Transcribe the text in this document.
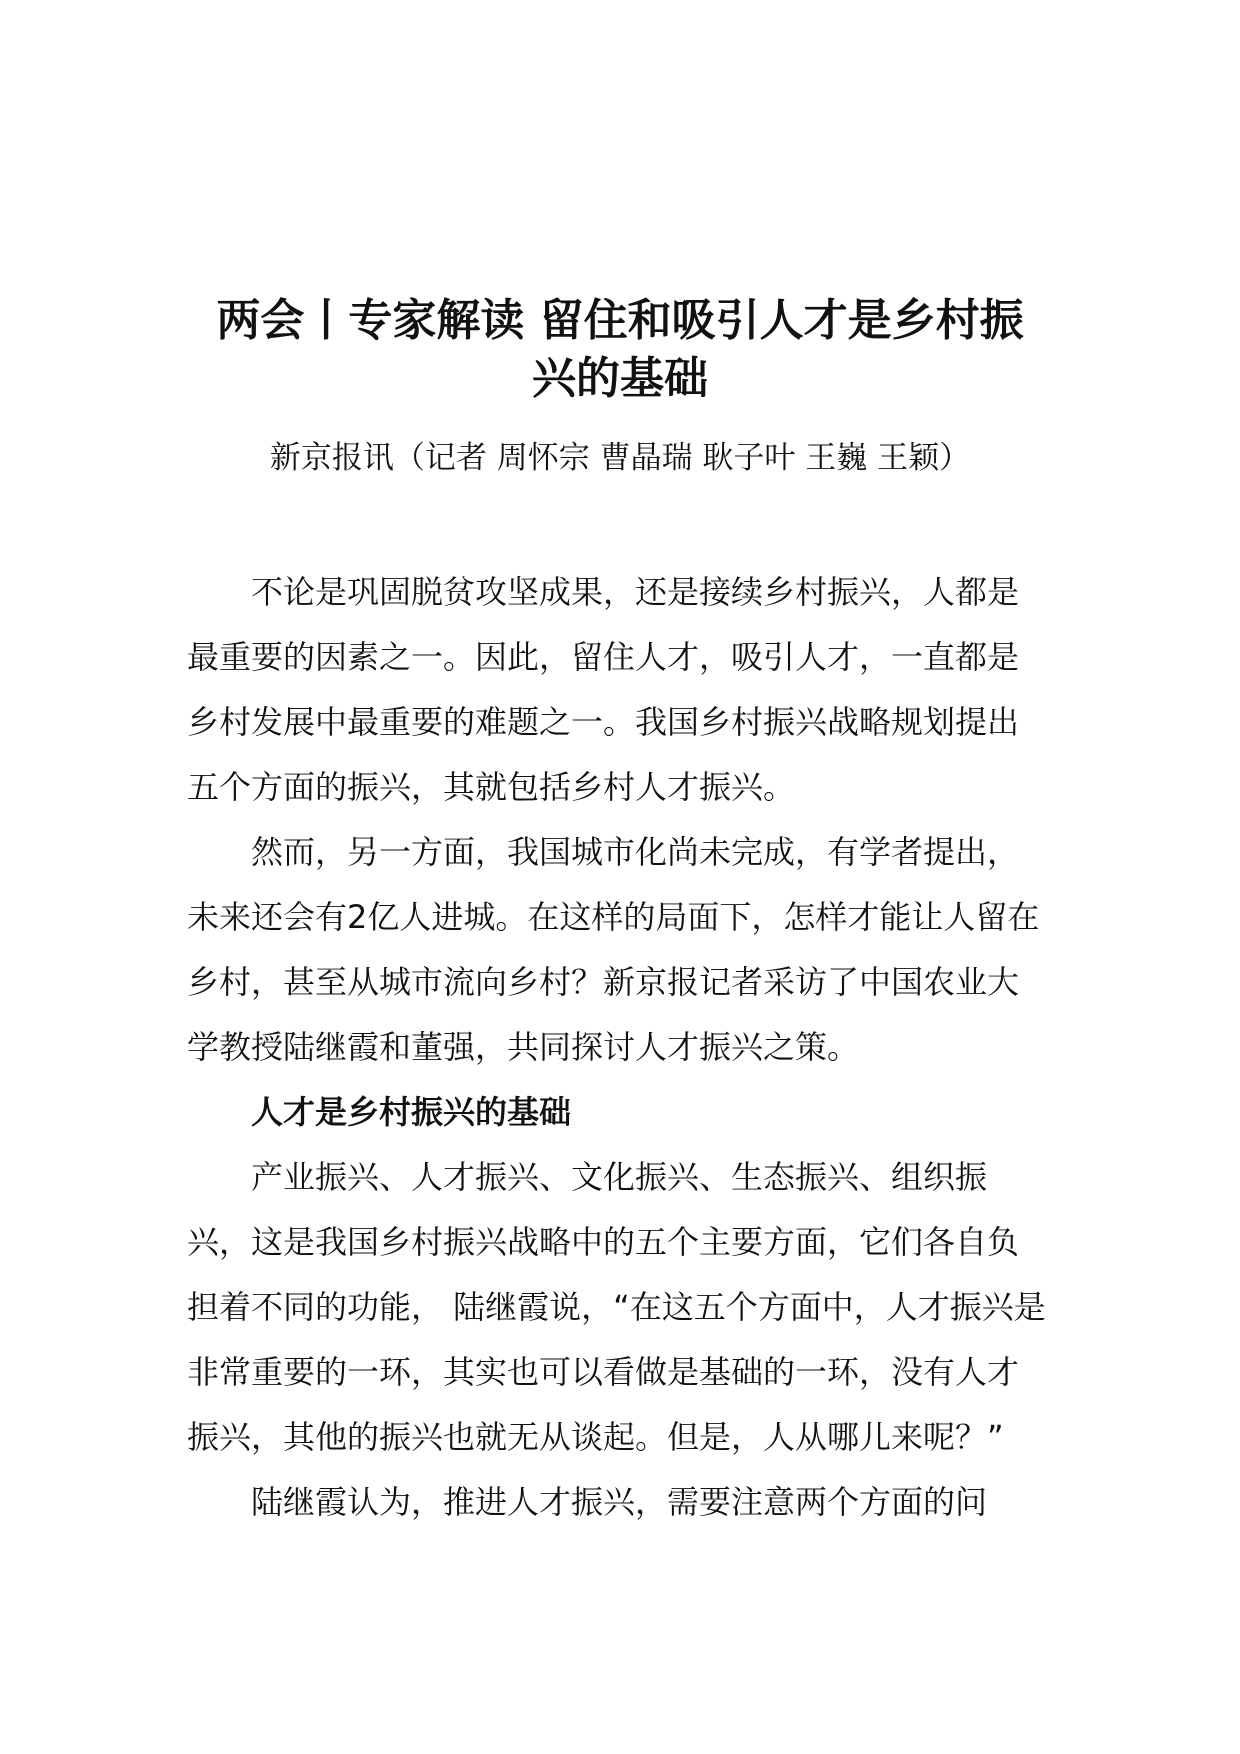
两会丨专家解读 留住和吸引人才是乡村振
兴的基础
新京报讯（记者 周怀宗 曹晶瑞 耿子叶 王巍 王颖）

不论是巩固脱贫攻坚成果，还是接续乡村振兴，人都是最重要的因素之一。因此，留住人才，吸引人才，一直都是乡村发展中最重要的难题之一。我国乡村振兴战略规划提出五个方面的振兴，其就包括乡村人才振兴。

然而，另一方面，我国城市化尚未完成，有学者提出，未来还会有2亿人进城。在这样的局面下，怎样才能让人留在乡村，甚至从城市流向乡村？新京报记者采访了中国农业大学教授陆继霞和董强，共同探讨人才振兴之策。

人才是乡村振兴的基础

产业振兴、人才振兴、文化振兴、生态振兴、组织振兴，这是我国乡村振兴战略中的五个主要方面，它们各自负担着不同的功能， 陆继霞说，“在这五个方面中，人才振兴是非常重要的一环，其实也可以看做是基础的一环，没有人才振兴，其他的振兴也就无从谈起。但是，人从哪儿来呢？”

陆继霞认为，推进人才振兴，需要注意两个方面的问
